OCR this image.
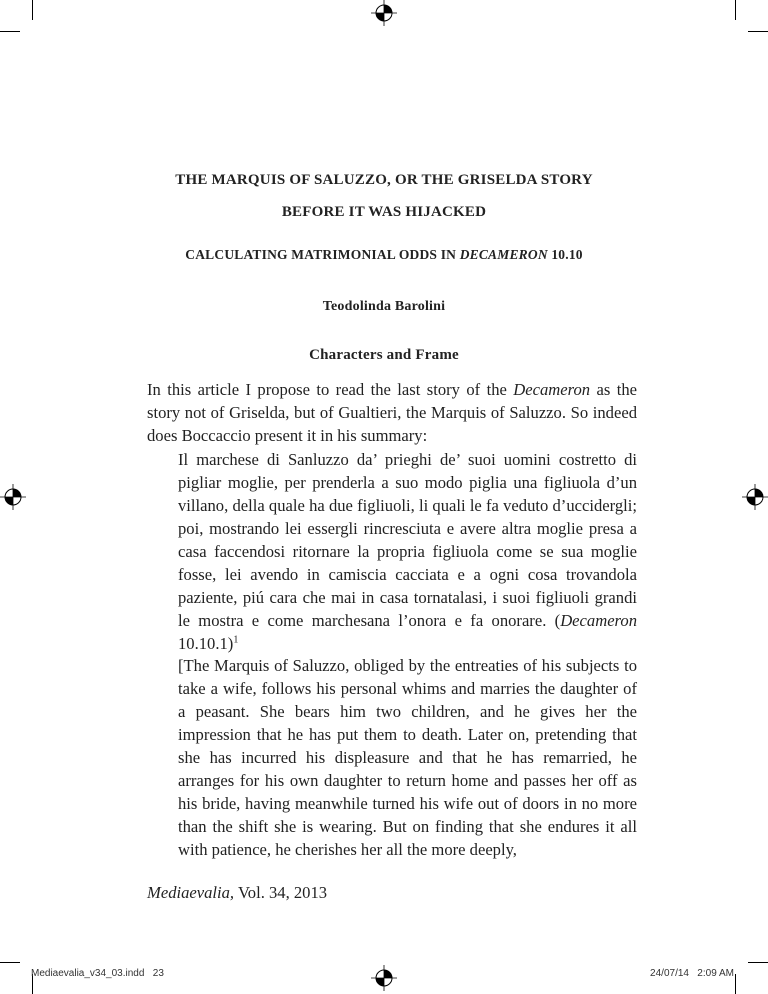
THE MARQUIS OF SALUZZO, OR THE GRISELDA STORY
BEFORE IT WAS HIJACKED
CALCULATING MATRIMONIAL ODDS IN DECAMERON 10.10
Teodolinda Barolini
Characters and Frame

In this article I propose to read the last story of the Decameron as the story not of Griselda, but of Gualtieri, the Marquis of Saluzzo. So indeed does Boccaccio present it in his summary:

Il marchese di Sanluzzo da’ prieghi de’ suoi uomini costretto di pigliar moglie, per prenderla a suo modo piglia una figliuola d’un villano, della quale ha due figliuoli, li quali le fa veduto d’uccidergli; poi, mostrando lei essergli rincresciuta e avere altra moglie presa a casa faccendosi ritornare la propria figliuola come se sua moglie fosse, lei avendo in camiscia cacciata e a ogni cosa trovandola paziente, piú cara che mai in casa tornatalasi, i suoi figliuoli grandi le mostra e come marchesana l’onora e fa onorare. (Decameron 10.10.1)$^1$

[The Marquis of Saluzzo, obliged by the entreaties of his subjects to take a wife, follows his personal whims and marries the daughter of a peasant. She bears him two children, and he gives her the impression that he has put them to death. Later on, pretending that she has incurred his displeasure and that he has remarried, he arranges for his own daughter to return home and passes her off as his bride, having meanwhile turned his wife out of doors in no more than the shift she is wearing. But on finding that she endures it all with patience, he cherishes her all the more deeply,

Mediaevalia, Vol. 34, 2013
Mediaevalia_v34_03.indd   23	24/07/14   2:09 AM
